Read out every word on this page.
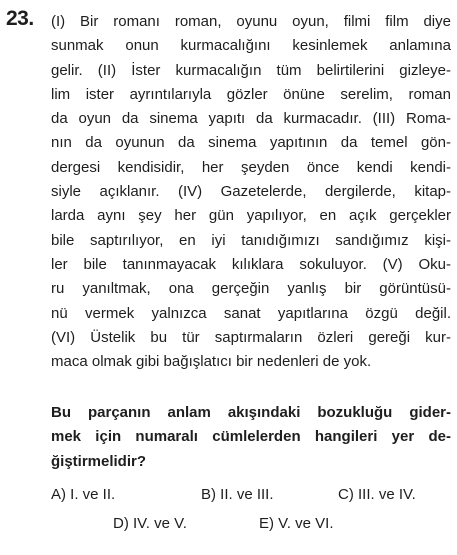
23. (I) Bir romanı roman, oyunu oyun, filmi film diye
sunmak onun kurmacalığını kesinlemek anlamına
gelir. (II) İster kurmacalığın tüm belirtilerini gizleye-
lim ister ayrıntılarıyla gözler önüne serelim, roman
da oyun da sinema yapıtı da kurmacadır. (III) Roma-
nın da oyunun da sinema yapıtının da temel gön-
dergesi kendisidir, her şeyden önce kendi kendi-
siyle açıklanır. (IV) Gazetelerde, dergilerde, kitap-
larda aynı şey her gün yapılıyor, en açık gerçekler
bile saptırılıyor, en iyi tanıdığımızı sandığımız kişi-
ler bile tanınmayacak kılıklara sokuluyor. (V) Oku-
ru yanıltmak, ona gerçeğin yanlış bir görüntüsü-
nü vermek yalnızca sanat yapıtlarına özgü değil.
(VI) Üstelik bu tür saptırmaların özleri gereği kur-
maca olmak gibi bağışlatıcı bir nedenleri de yok.
Bu parçanın anlam akışındaki bozukluğu gider-
mek için numaralı cümlelerden hangileri yer de-
ğiştirmelidir?
A) I. ve II.	B) II. ve III.	C) III. ve IV.
D) IV. ve V.	E) V. ve VI.
